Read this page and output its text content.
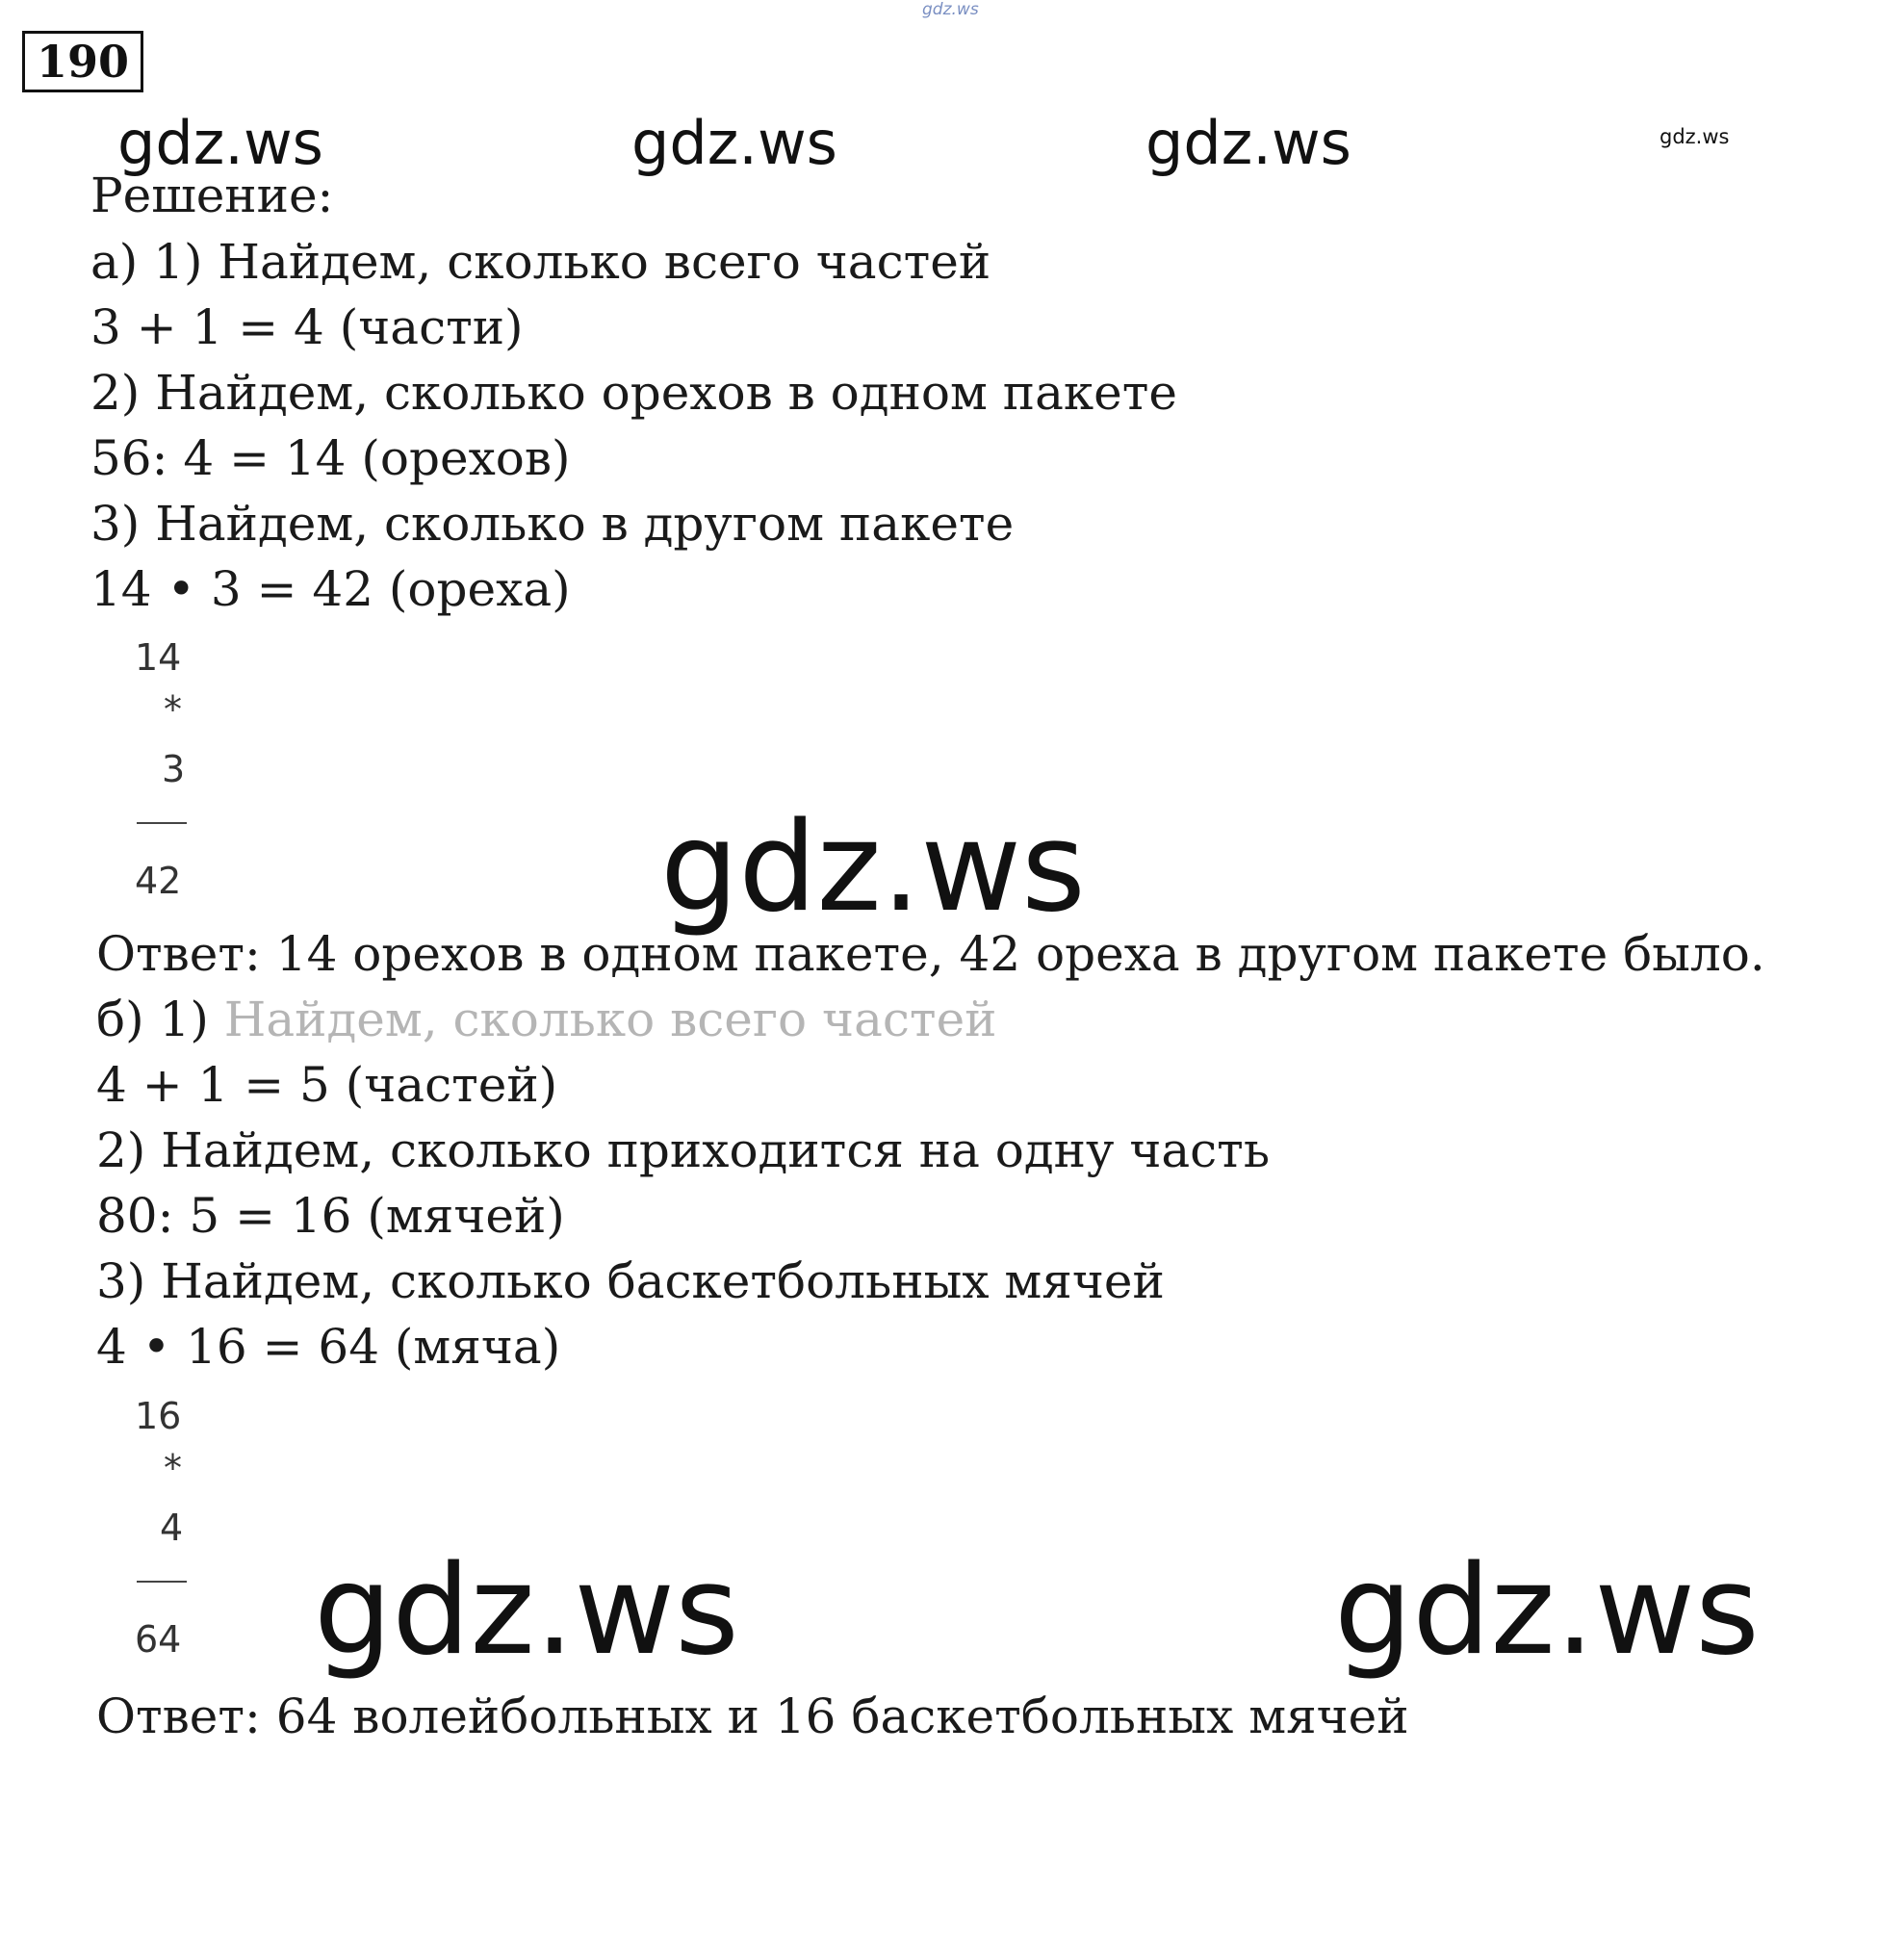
190
gdz.ws
gdz.ws	gdz.ws	gdz.ws	gdz.ws
Решение:
а) 1) Найдем, сколько всего частей
3 + 1 = 4 (части)
2) Найдем, сколько орехов в одном пакете
56: 4 = 14 (орехов)
3) Найдем, сколько в другом пакете
14 • 3 = 42 (ореха)
14
*
3
42	gdz.ws
Ответ: 14 орехов в одном пакете, 42 ореха в другом пакете было.
б) 1) Найдем, сколько всего частей
4 + 1 = 5 (частей)
2) Найдем, сколько приходится на одну часть
80: 5 = 16 (мячей)
3) Найдем, сколько баскетбольных мячей
4 • 16 = 64 (мяча)
16
*
4
64 gdz.ws	gdz.ws
Ответ: 64 волейбольных и 16 баскетбольных мячей
